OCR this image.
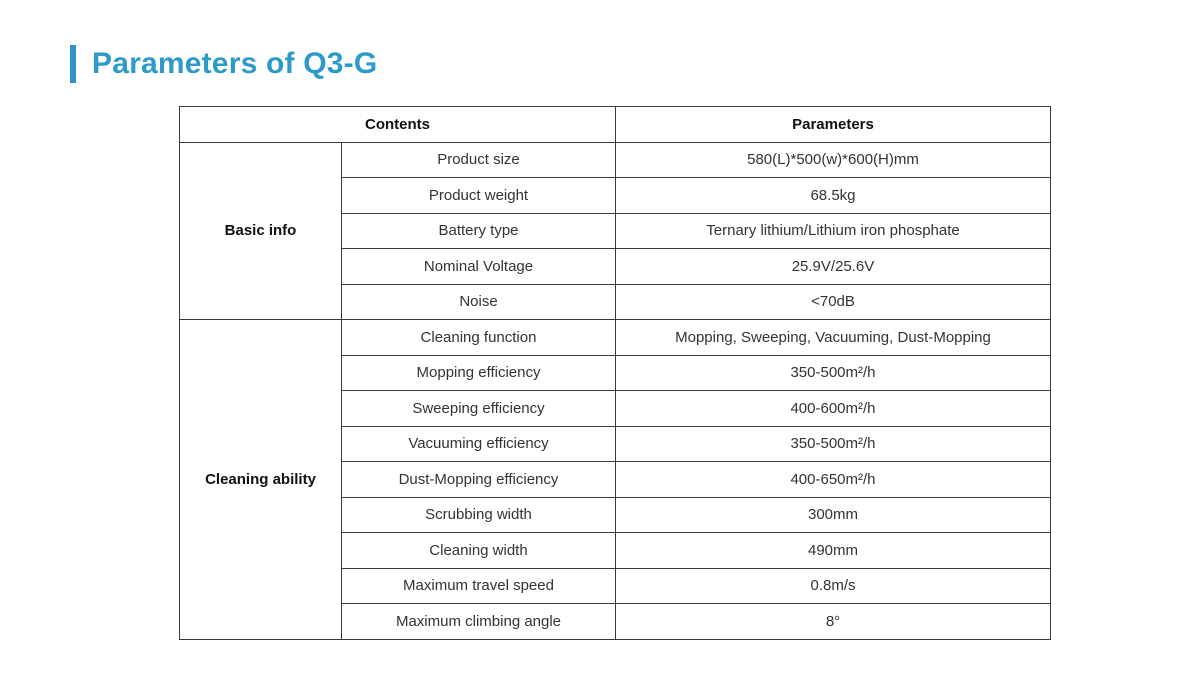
Parameters of Q3-G
Contents		Parameters
Basic info	Product size	580(L)*500(w)*600(H)mm
	Product weight	68.5kg
	Battery type	Ternary lithium/Lithium iron phosphate
	Nominal Voltage	25.9V/25.6V
	Noise	<70dB
Cleaning ability	Cleaning function	Mopping, Sweeping, Vacuuming, Dust-Mopping
	Mopping efficiency	350-500m²/h
	Sweeping efficiency	400-600m²/h
	Vacuuming efficiency	350-500m²/h
	Dust-Mopping efficiency	400-650m²/h
	Scrubbing width	300mm
	Cleaning width	490mm
	Maximum travel speed	0.8m/s
	Maximum climbing angle	8°
